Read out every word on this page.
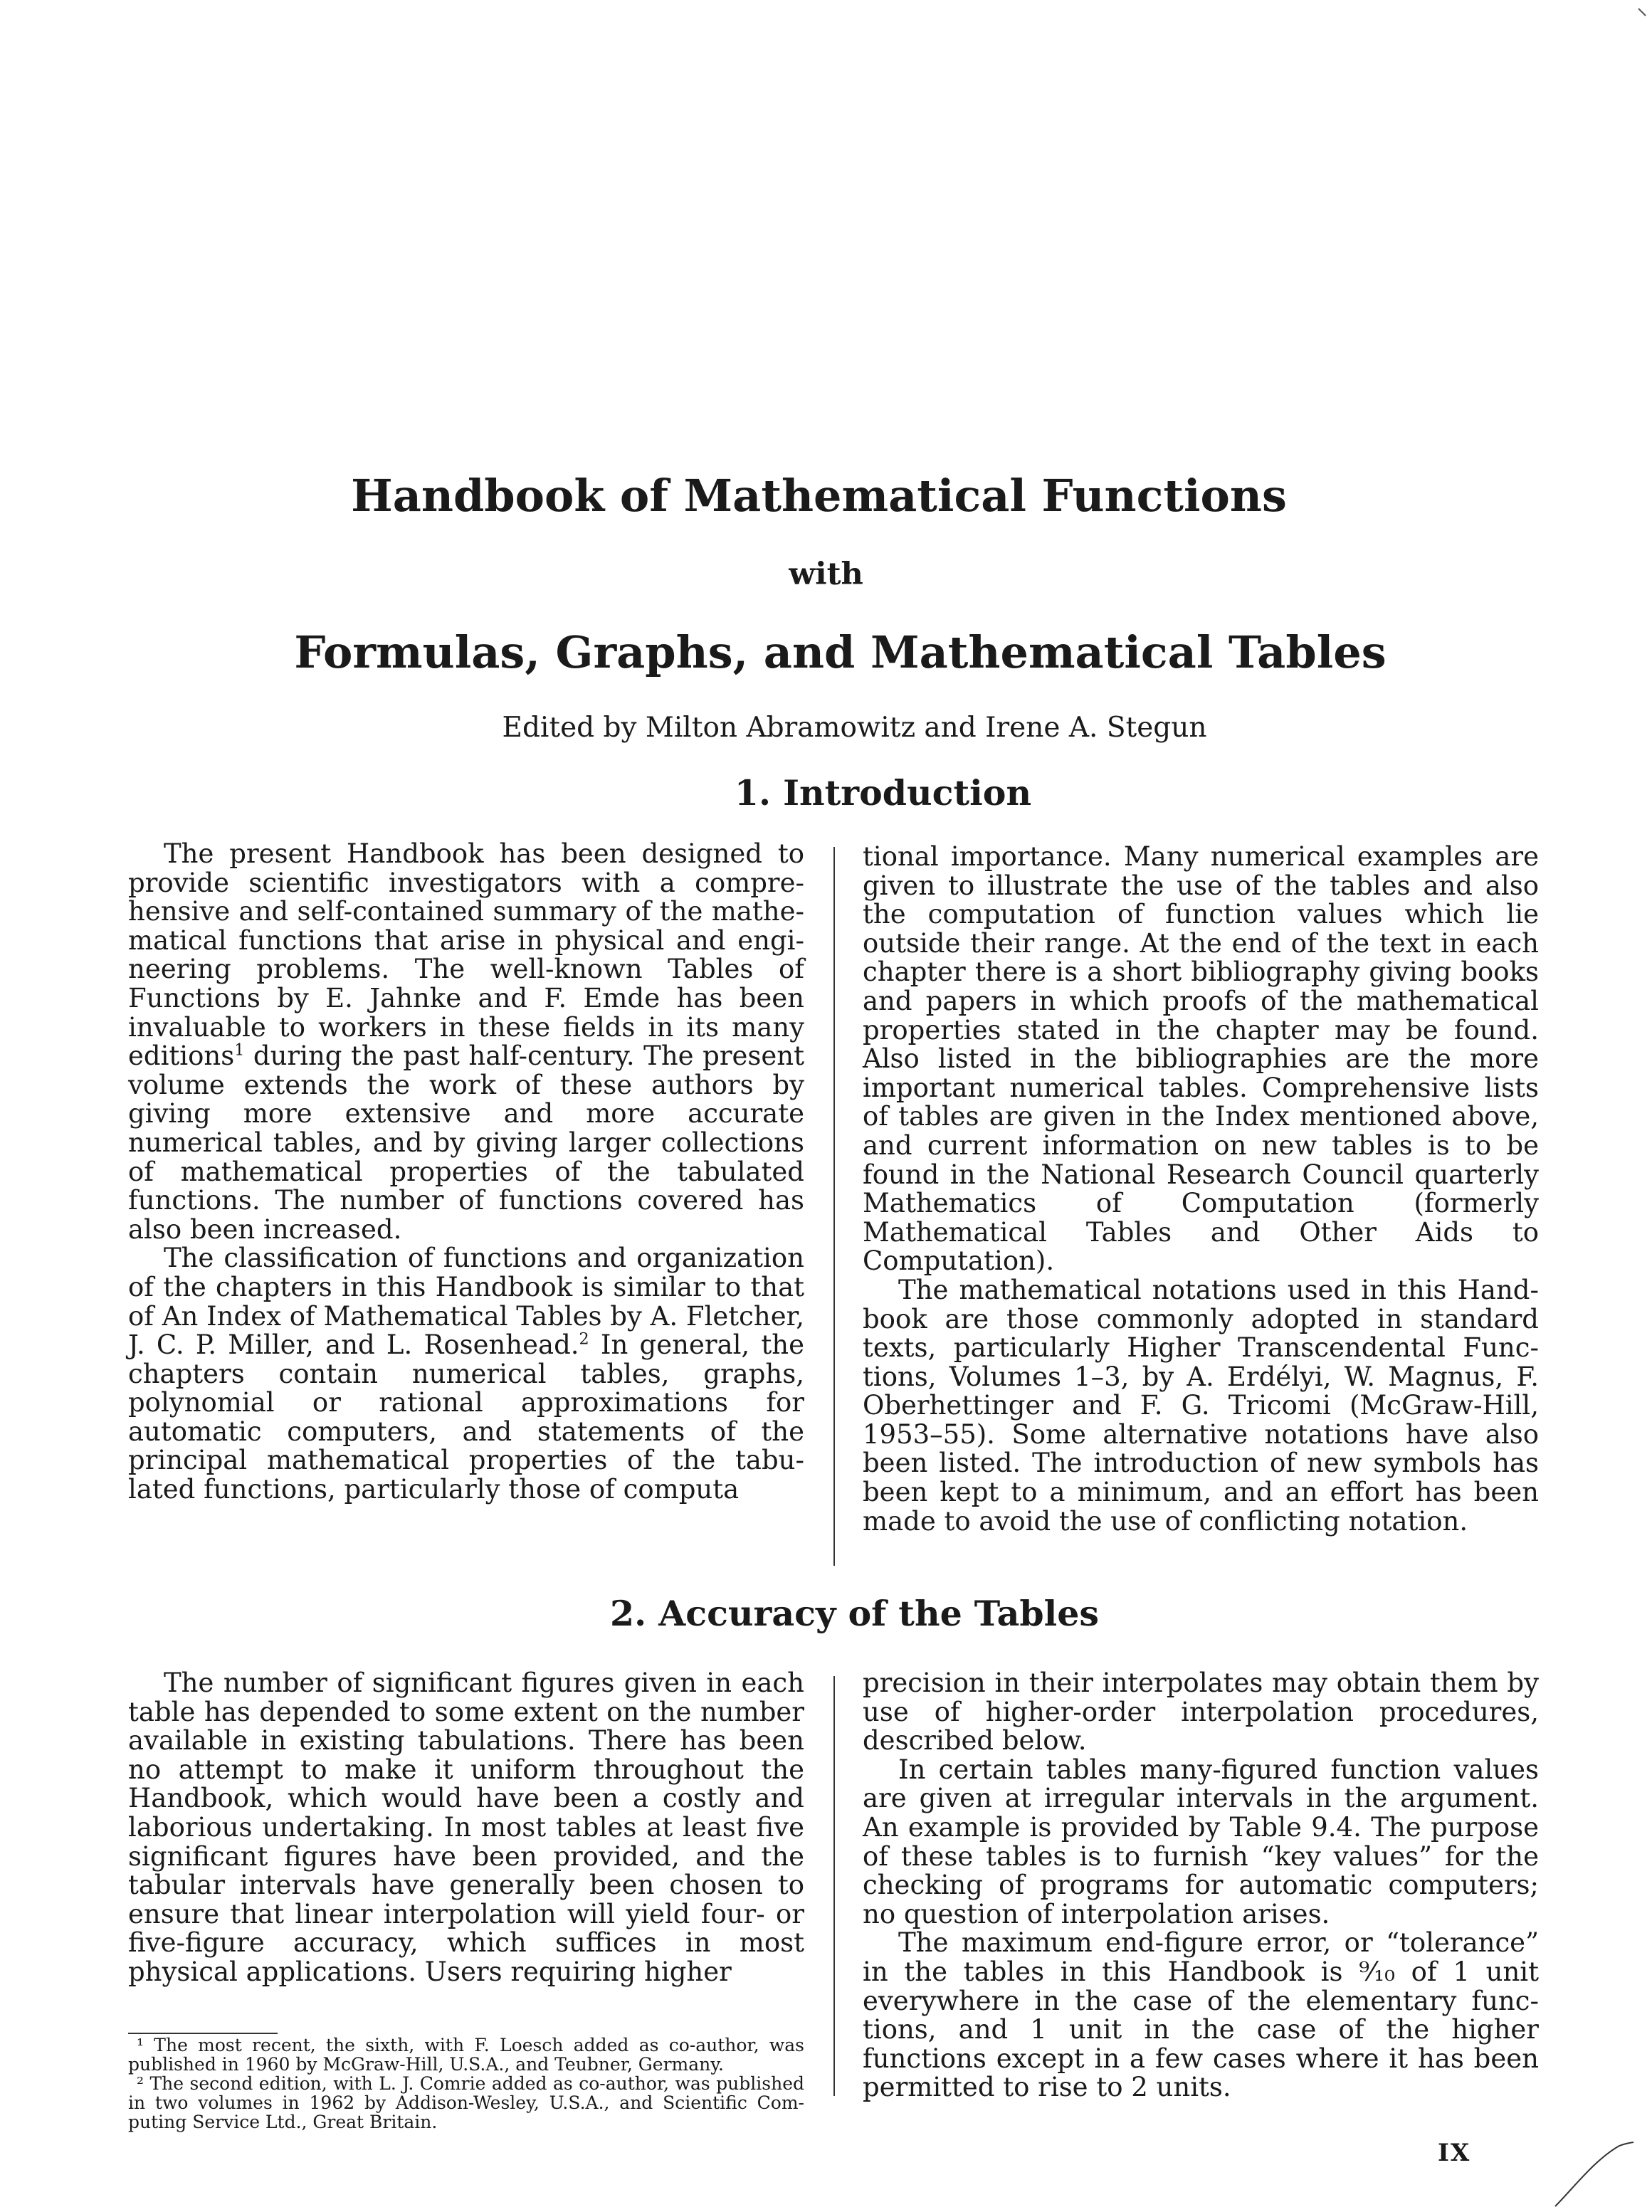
Handbook of Mathematical Functions
with
Formulas, Graphs, and Mathematical Tables
Edited by Milton Abramowitz and Irene A. Stegun
1. Introduction

The present Handbook has been designed to provide scientific investigators with a comprehensive and self-contained summary of the mathematical functions that arise in physical and engineering problems. The well-known Tables of Functions by E. Jahnke and F. Emde has been invaluable to workers in these fields in its many editions$^1$ during the past half-century. The present volume extends the work of these authors by giving more extensive and more accurate numerical tables, and by giving larger collections of mathematical properties of the tabulated functions. The number of functions covered has also been increased.

The classification of functions and organization of the chapters in this Handbook is similar to that of An Index of Mathematical Tables by A. Fletcher, J. C. P. Miller, and L. Rosenhead.$^2$ In general, the chapters contain numerical tables, graphs, polynomial or rational approximations for automatic computers, and statements of the principal mathematical properties of the tabulated functions, particularly those of computa

tional importance. Many numerical examples are given to illustrate the use of the tables and also the computation of function values which lie outside their range. At the end of the text in each chapter there is a short bibliography giving books and papers in which proofs of the mathematical properties stated in the chapter may be found. Also listed in the bibliographies are the more important numerical tables. Comprehensive lists of tables are given in the Index mentioned above, and current information on new tables is to be found in the National Research Council quarterly Mathematics of Computation (formerly Mathematical Tables and Other Aids to Computation).

The mathematical notations used in this Handbook are those commonly adopted in standard texts, particularly Higher Transcendental Functions, Volumes 1–3, by A. Erdélyi, W. Magnus, F. Oberhettinger and F. G. Tricomi (McGraw-Hill, 1953–55). Some alternative notations have also been listed. The introduction of new symbols has been kept to a minimum, and an effort has been made to avoid the use of conflicting notation.

2. Accuracy of the Tables

The number of significant figures given in each table has depended to some extent on the number available in existing tabulations. There has been no attempt to make it uniform throughout the Handbook, which would have been a costly and laborious undertaking. In most tables at least five significant figures have been provided, and the tabular intervals have generally been chosen to ensure that linear interpolation will yield four- or five-figure accuracy, which suffices in most physical applications. Users requiring higher

precision in their interpolates may obtain them by use of higher-order interpolation procedures, described below.

In certain tables many-figured function values are given at irregular intervals in the argument. An example is provided by Table 9.4. The purpose of these tables is to furnish “key values” for the checking of programs for automatic computers; no question of interpolation arises.

The maximum end-figure error, or “tolerance” in the tables in this Handbook is ⁹⁄₁₀ of 1 unit everywhere in the case of the elementary functions, and 1 unit in the case of the higher functions except in a few cases where it has been permitted to rise to 2 units.

¹ The most recent, the sixth, with F. Loesch added as co-author, was published in 1960 by McGraw-Hill, U.S.A., and Teubner, Germany.

² The second edition, with L. J. Comrie added as co-author, was published in two volumes in 1962 by Addison-Wesley, U.S.A., and Scientific Computing Service Ltd., Great Britain.

IX
